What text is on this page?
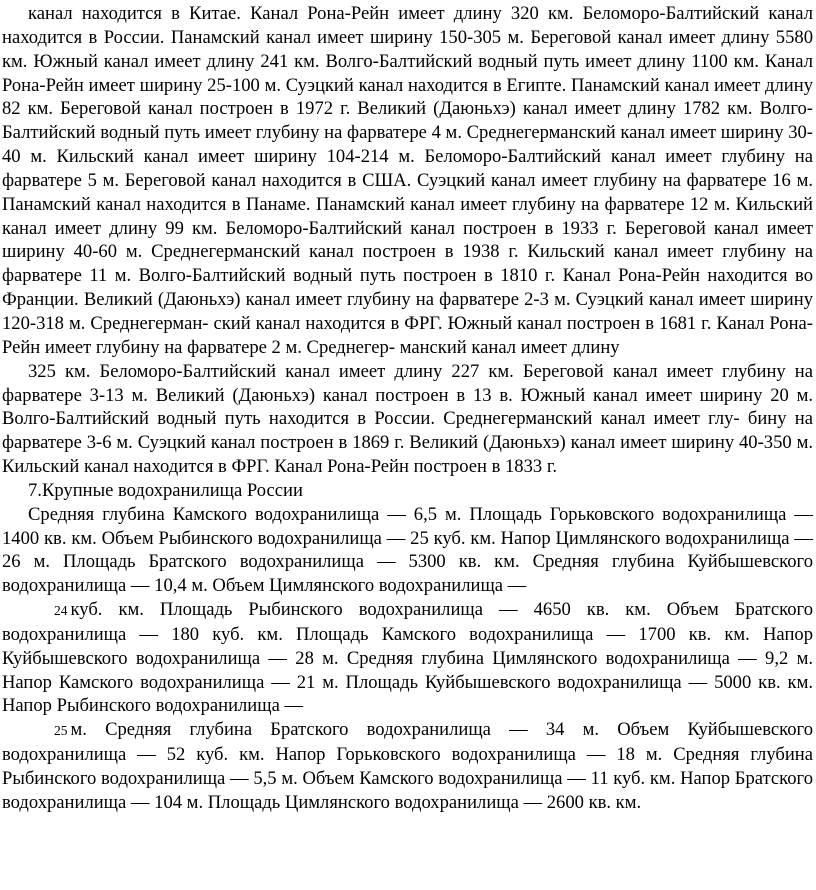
канал находится в Китае. Канал Рона-Рейн имеет длину 320 км. Беломоро-Балтийский канал находится в России. Панамский канал имеет ширину 150-305 м. Береговой канал имеет длину 5580 км. Южный канал имеет длину 241 км. Волго-Балтийский водный путь имеет длину 1100 км. Канал Рона-Рейн имеет ширину 25-100 м. Суэцкий канал находится в Египте. Панамский канал имеет длину 82 км. Береговой канал построен в 1972 г. Великий (Даюньхэ) канал имеет длину 1782 км. Волго-Балтийский водный путь имеет глубину на фарватере 4 м. Среднегерманский канал имеет ширину 30-40 м. Кильский канал имеет ширину 104-214 м. Беломоро-Балтийский канал имеет глубину на фарватере 5 м. Береговой канал находится в США. Суэцкий канал имеет глубину на фарватере 16 м. Панамский канал находится в Панаме. Панамский канал имеет глубину на фарватере 12 м. Кильский канал имеет длину 99 км. Беломоро-Балтийский канал построен в 1933 г. Береговой канал имеет ширину 40-60 м. Среднегерманский канал построен в 1938 г. Кильский канал имеет глубину на фарватере 11 м. Волго-Балтийский водный путь построен в 1810 г. Канал Рона-Рейн находится во Франции. Великий (Даюньхэ) канал имеет глубину на фарватере 2-3 м. Суэцкий канал имеет ширину 120-318 м. Среднегерман- ский канал находится в ФРГ. Южный канал построен в 1681 г. Канал Рона-Рейн имеет глубину на фарватере 2 м. Среднегер- манский канал имеет длину

325 км. Беломоро-Балтийский канал имеет длину 227 км. Береговой канал имеет глубину на фарватере 3-13 м. Великий (Даюньхэ) канал построен в 13 в. Южный канал имеет ширину 20 м. Волго-Балтийский водный путь находится в России. Среднегерманский канал имеет глу- бину на фарватере 3-6 м. Суэцкий канал построен в 1869 г. Великий (Даюньхэ) канал имеет ширину 40-350 м. Кильский канал находится в ФРГ. Канал Рона-Рейн построен в 1833 г.

7.Крупные водохранилища России

Средняя глубина Камского водохранилища — 6,5 м. Площадь Горьковского водохранилища — 1400 кв. км. Объем Рыбинского водохранилища — 25 куб. км. Напор Цимлянского водохранилища — 26 м. Площадь Братского водохранилища — 5300 кв. км. Средняя глубина Куйбышевского водохранилища — 10,4 м. Объем Цимлянского водохранилища —

24 куб. км. Площадь Рыбинского водохранилища — 4650 кв. км. Объем Братского водохранилища — 180 куб. км. Площадь Камского водохранилища — 1700 кв. км. Напор Куйбышевского водохранилища — 28 м. Средняя глубина Цимлянского водохранилища — 9,2 м. Напор Камского водохранилища — 21 м. Площадь Куйбышевского водохранилища — 5000 кв. км. Напор Рыбинского водохранилища —

25 м. Средняя глубина Братского водохранилища — 34 м. Объем Куйбышевского водохранилища — 52 куб. км. Напор Горьковского водохранилища — 18 м. Средняя глубина Рыбинского водохранилища — 5,5 м. Объем Камского водохранилища — 11 куб. км. Напор Братского водохранилища — 104 м. Площадь Цимлянского водохранилища — 2600 кв. км.
